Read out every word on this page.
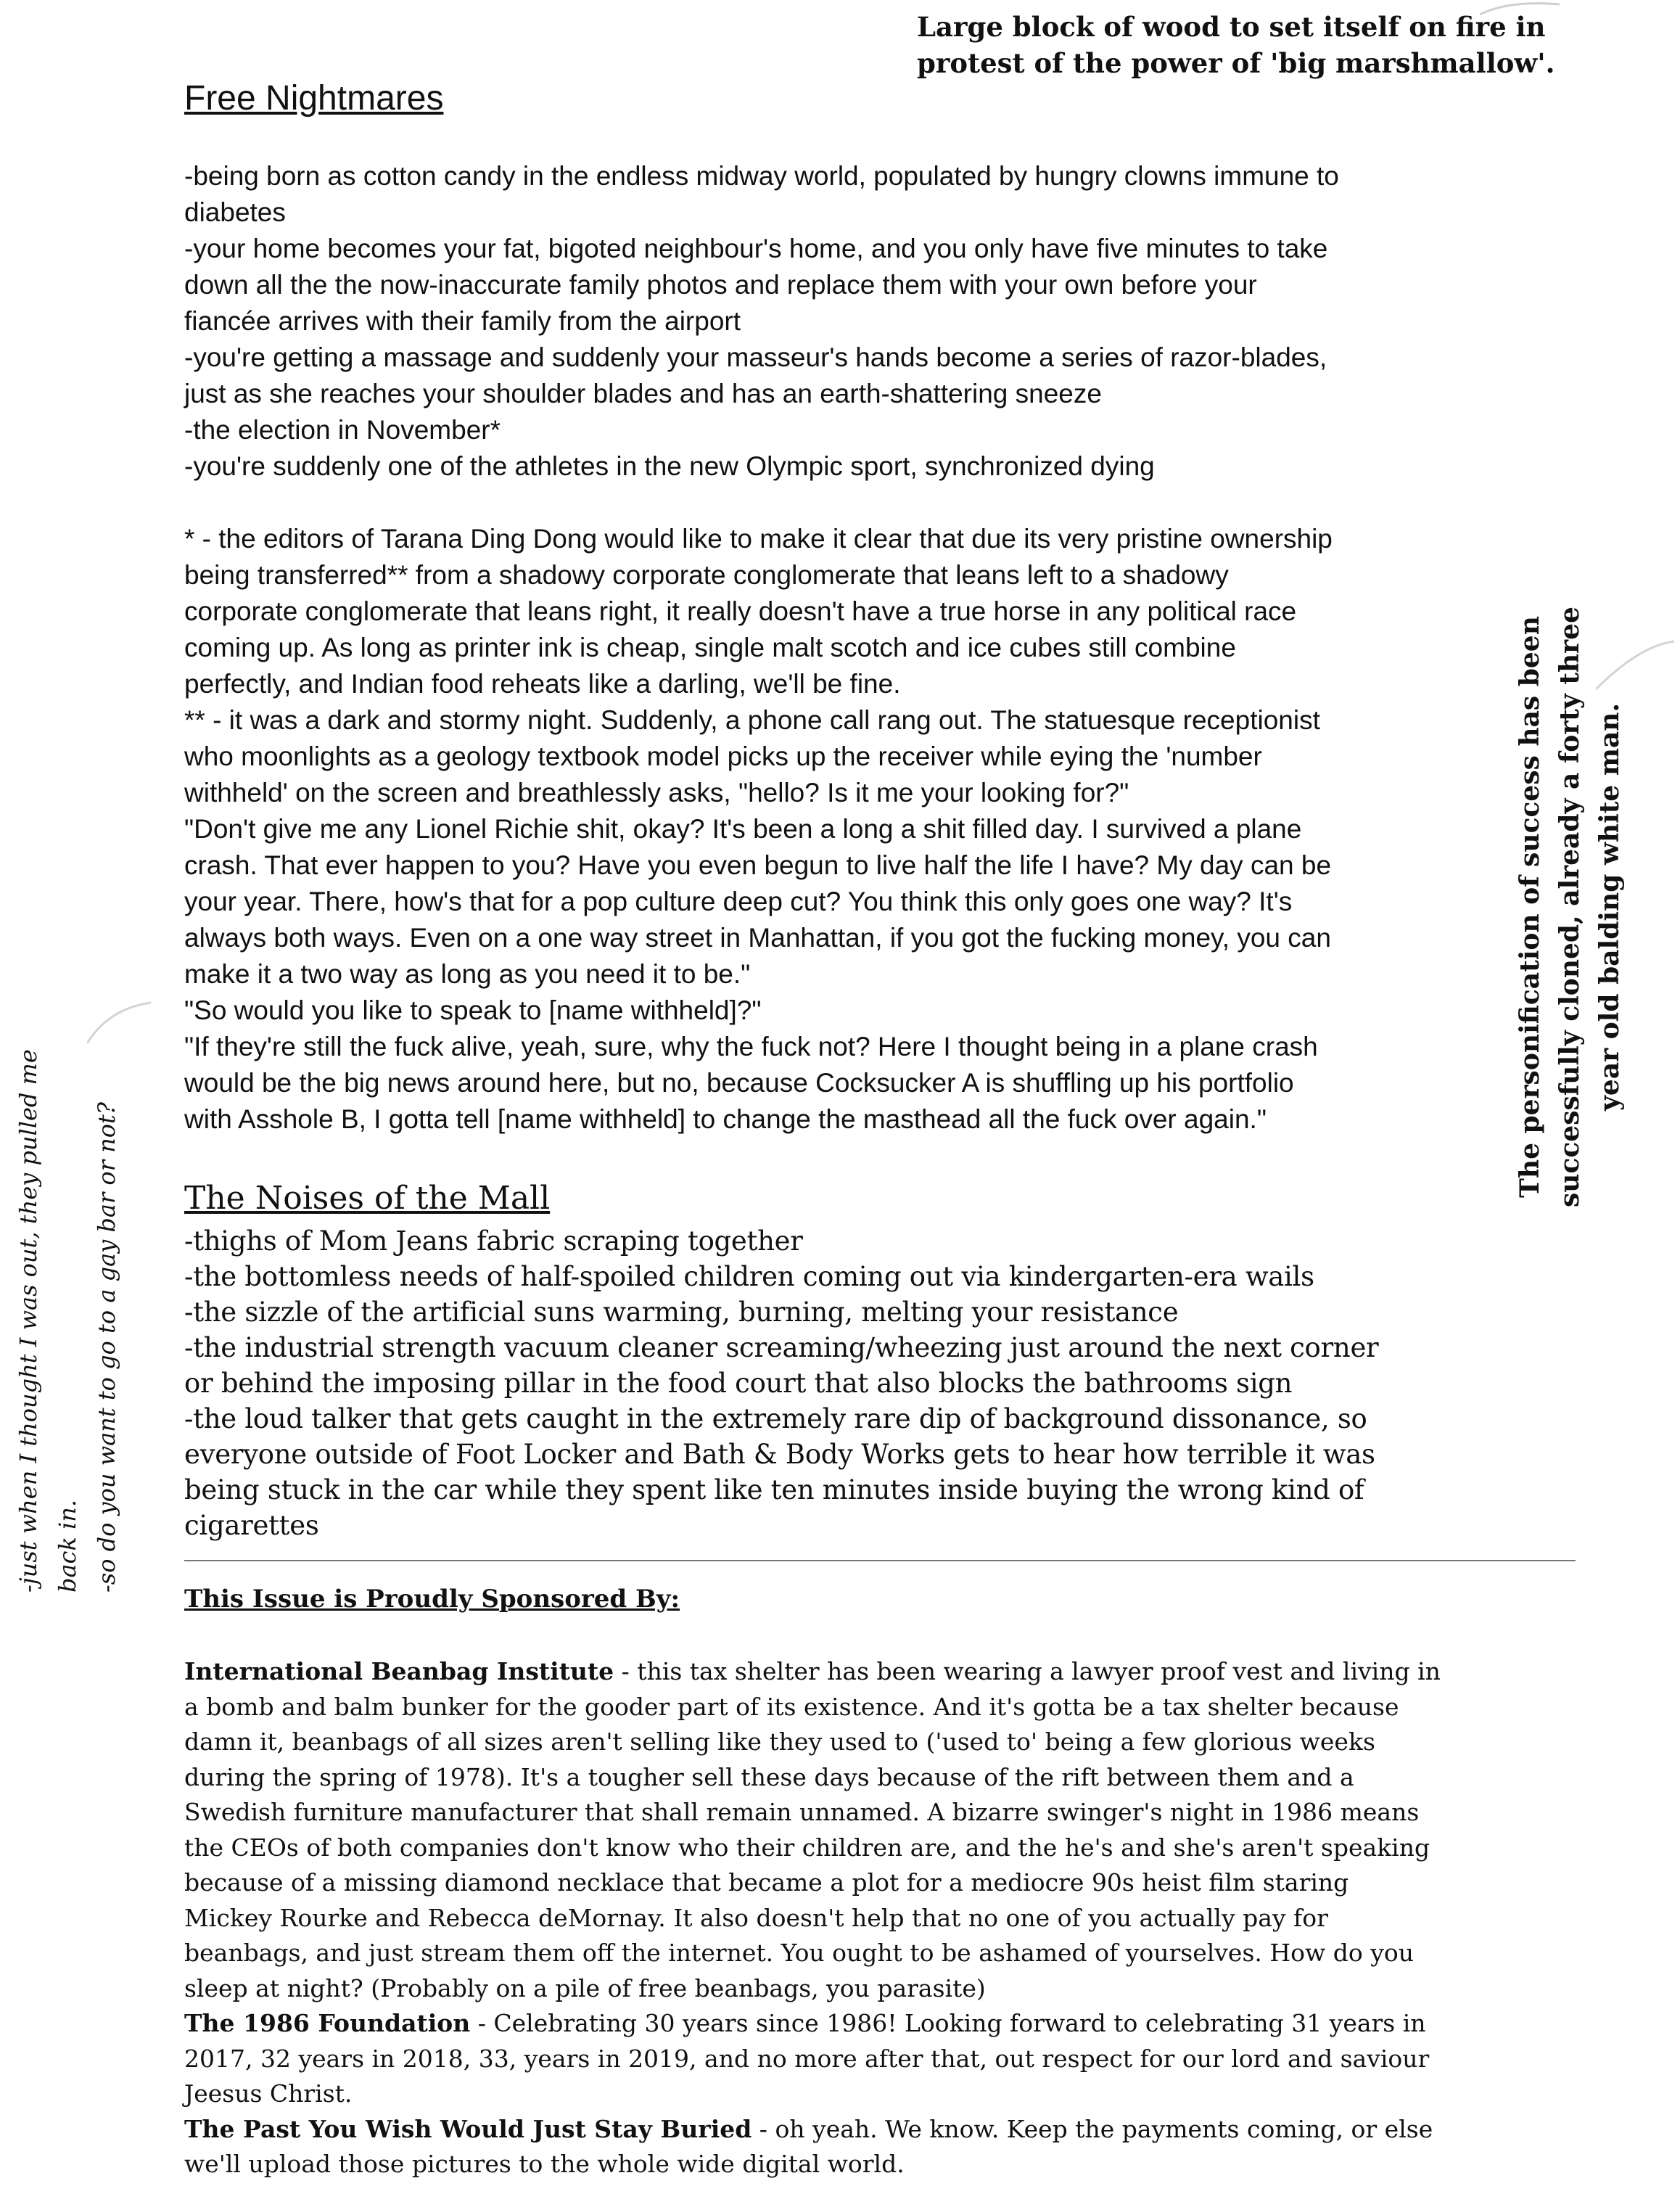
Large block of wood to set itself on fire in
protest of the power of 'big marshmallow'.
Free Nightmares
-being born as cotton candy in the endless midway world, populated by hungry clowns immune to
diabetes
-your home becomes your fat, bigoted neighbour's home, and you only have five minutes to take
down all the the now-inaccurate family photos and replace them with your own before your
fiancée arrives with their family from the airport
-you're getting a massage and suddenly your masseur's hands become a series of razor-blades,
just as she reaches your shoulder blades and has an earth-shattering sneeze
-the election in November*
-you're suddenly one of the athletes in the new Olympic sport, synchronized dying
* - the editors of Tarana Ding Dong would like to make it clear that due its very pristine ownership
being transferred** from a shadowy corporate conglomerate that leans left to a shadowy
corporate conglomerate that leans right, it really doesn't have a true horse in any political race
coming up. As long as printer ink is cheap, single malt scotch and ice cubes still combine
perfectly, and Indian food reheats like a darling, we'll be fine.
** - it was a dark and stormy night. Suddenly, a phone call rang out. The statuesque receptionist
who moonlights as a geology textbook model picks up the receiver while eying the 'number
withheld' on the screen and breathlessly asks, "hello? Is it me your looking for?"
"Don't give me any Lionel Richie shit, okay? It's been a long a shit filled day. I survived a plane
crash. That ever happen to you? Have you even begun to live half the life I have? My day can be
your year. There, how's that for a pop culture deep cut? You think this only goes one way? It's
always both ways. Even on a one way street in Manhattan, if you got the fucking money, you can
make it a two way as long as you need it to be."
"So would you like to speak to [name withheld]?"
"If they're still the fuck alive, yeah, sure, why the fuck not? Here I thought being in a plane crash
would be the big news around here, but no, because Cocksucker A is shuffling up his portfolio
with Asshole B, I gotta tell [name withheld] to change the masthead all the fuck over again."
The Noises of the Mall
-thighs of Mom Jeans fabric scraping together
-the bottomless needs of half-spoiled children coming out via kindergarten-era wails
-the sizzle of the artificial suns warming, burning, melting your resistance
-the industrial strength vacuum cleaner screaming/wheezing just around the next corner
or behind the imposing pillar in the food court that also blocks the bathrooms sign
-the loud talker that gets caught in the extremely rare dip of background dissonance, so
everyone outside of Foot Locker and Bath & Body Works gets to hear how terrible it was
being stuck in the car while they spent like ten minutes inside buying the wrong kind of
cigarettes
This Issue is Proudly Sponsored By:
International Beanbag Institute - this tax shelter has been wearing a lawyer proof vest and living in
a bomb and balm bunker for the gooder part of its existence. And it's gotta be a tax shelter because
damn it, beanbags of all sizes aren't selling like they used to ('used to' being a few glorious weeks
during the spring of 1978). It's a tougher sell these days because of the rift between them and a
Swedish furniture manufacturer that shall remain unnamed. A bizarre swinger's night in 1986 means
the CEOs of both companies don't know who their children are, and the he's and she's aren't speaking
because of a missing diamond necklace that became a plot for a mediocre 90s heist film staring
Mickey Rourke and Rebecca deMornay. It also doesn't help that no one of you actually pay for
beanbags, and just stream them off the internet. You ought to be ashamed of yourselves. How do you
sleep at night? (Probably on a pile of free beanbags, you parasite)
The 1986 Foundation - Celebrating 30 years since 1986! Looking forward to celebrating 31 years in
2017, 32 years in 2018, 33, years in 2019, and no more after that, out respect for our lord and saviour
Jeesus Christ.
The Past You Wish Would Just Stay Buried - oh yeah. We know. Keep the payments coming, or else
we'll upload those pictures to the whole wide digital world.
The personification of success has been successfully cloned, already a forty three year old balding white man.
-just when I thought I was out, they pulled me back in. -so do you want to go to a gay bar or not?
